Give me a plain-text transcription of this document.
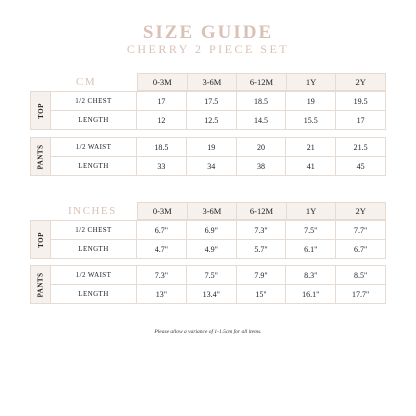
SIZE GUIDE
CHERRY 2 PIECE SET
CM	0-3M	3-6M	6-12M	1Y	2Y
TOP
1/2 CHEST	17	17.5	18.5	19	19.5
LENGTH	12	12.5	14.5	15.5	17
PANTS	1/2 WAIST	18.5	19	20	21	21.5
LENGTH	33	34	38	41	45
INCHES	0-3M	3-6M	6-12M	1Y	2Y
TOP
1/2 CHEST	6.7"	6.9"	7.3"	7.5"	7.7"
LENGTH	4.7"	4.9"	5.7"	6.1"	6.7"
PANTS	1/2 WAIST	7.3"	7.5"	7.9"	8.3"	8.5"
LENGTH	13"	13.4"	15"	16.1"	17.7"
Please allow a variance of 1-1.5cm for all items.
